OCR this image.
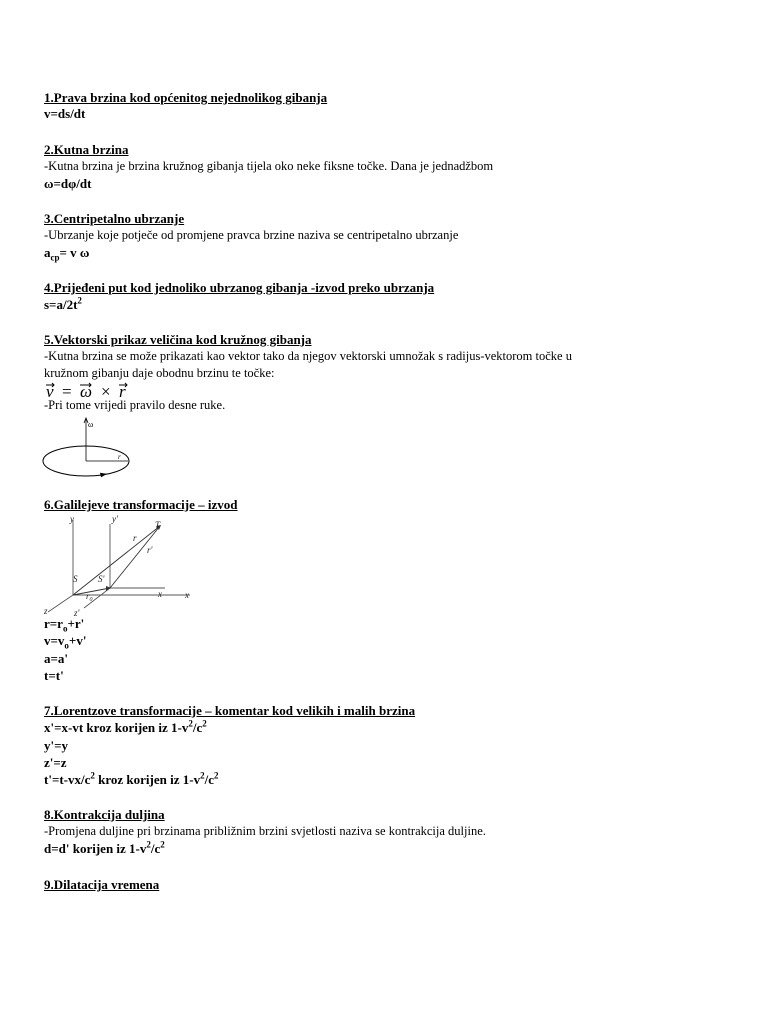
1.Prava brzina kod općenitog nejednolikog gibanja
v=ds/dt
2.Kutna brzina
-Kutna brzina je brzina kružnog gibanja tijela oko neke fiksne točke. Dana je jednadžbom
ω=dφ/dt
3.Centripetalno ubrzanje
-Ubrzanje koje potječe od promjene pravca brzine naziva se centripetalno ubrzanje
$a_{cp}= v$ ω
4.Prijeđeni put kod jednoliko ubrzanog gibanja -izvod preko ubrzanja
$s=a/2t^2$
5.Vektorski prikaz veličina kod kružnog gibanja
-Kutna brzina se može prikazati kao vektor tako da njegov vektorski umnožak s radijus-vektorom točke u
kružnom gibanju daje obodnu brzinu te točke:
v = ω × r
-Pri tome vrijedi pravilo desne ruke.
ω
r
6.Galilejeve transformacije – izvod
y	y'
T
r
r'
S S'
x	x
z	z'
$r_0$
$r=r_o+r'$
$v=v_o+v'$
a=a'
t=t'
7.Lorentzove transformacije – komentar kod velikih i malih brzina
x'=x-vt kroz korijen iz $1-v^2/c^2$
y'=y
z'=z
$t'=t-vx/c^2$ kroz korijen iz $1-v^2/c^2$
8.Kontrakcija duljina
-Promjena duljine pri brzinama približnim brzini svjetlosti naziva se kontrakcija duljine.
d=d' korijen iz $1-v^2/c^2$
9.Dilatacija vremena
